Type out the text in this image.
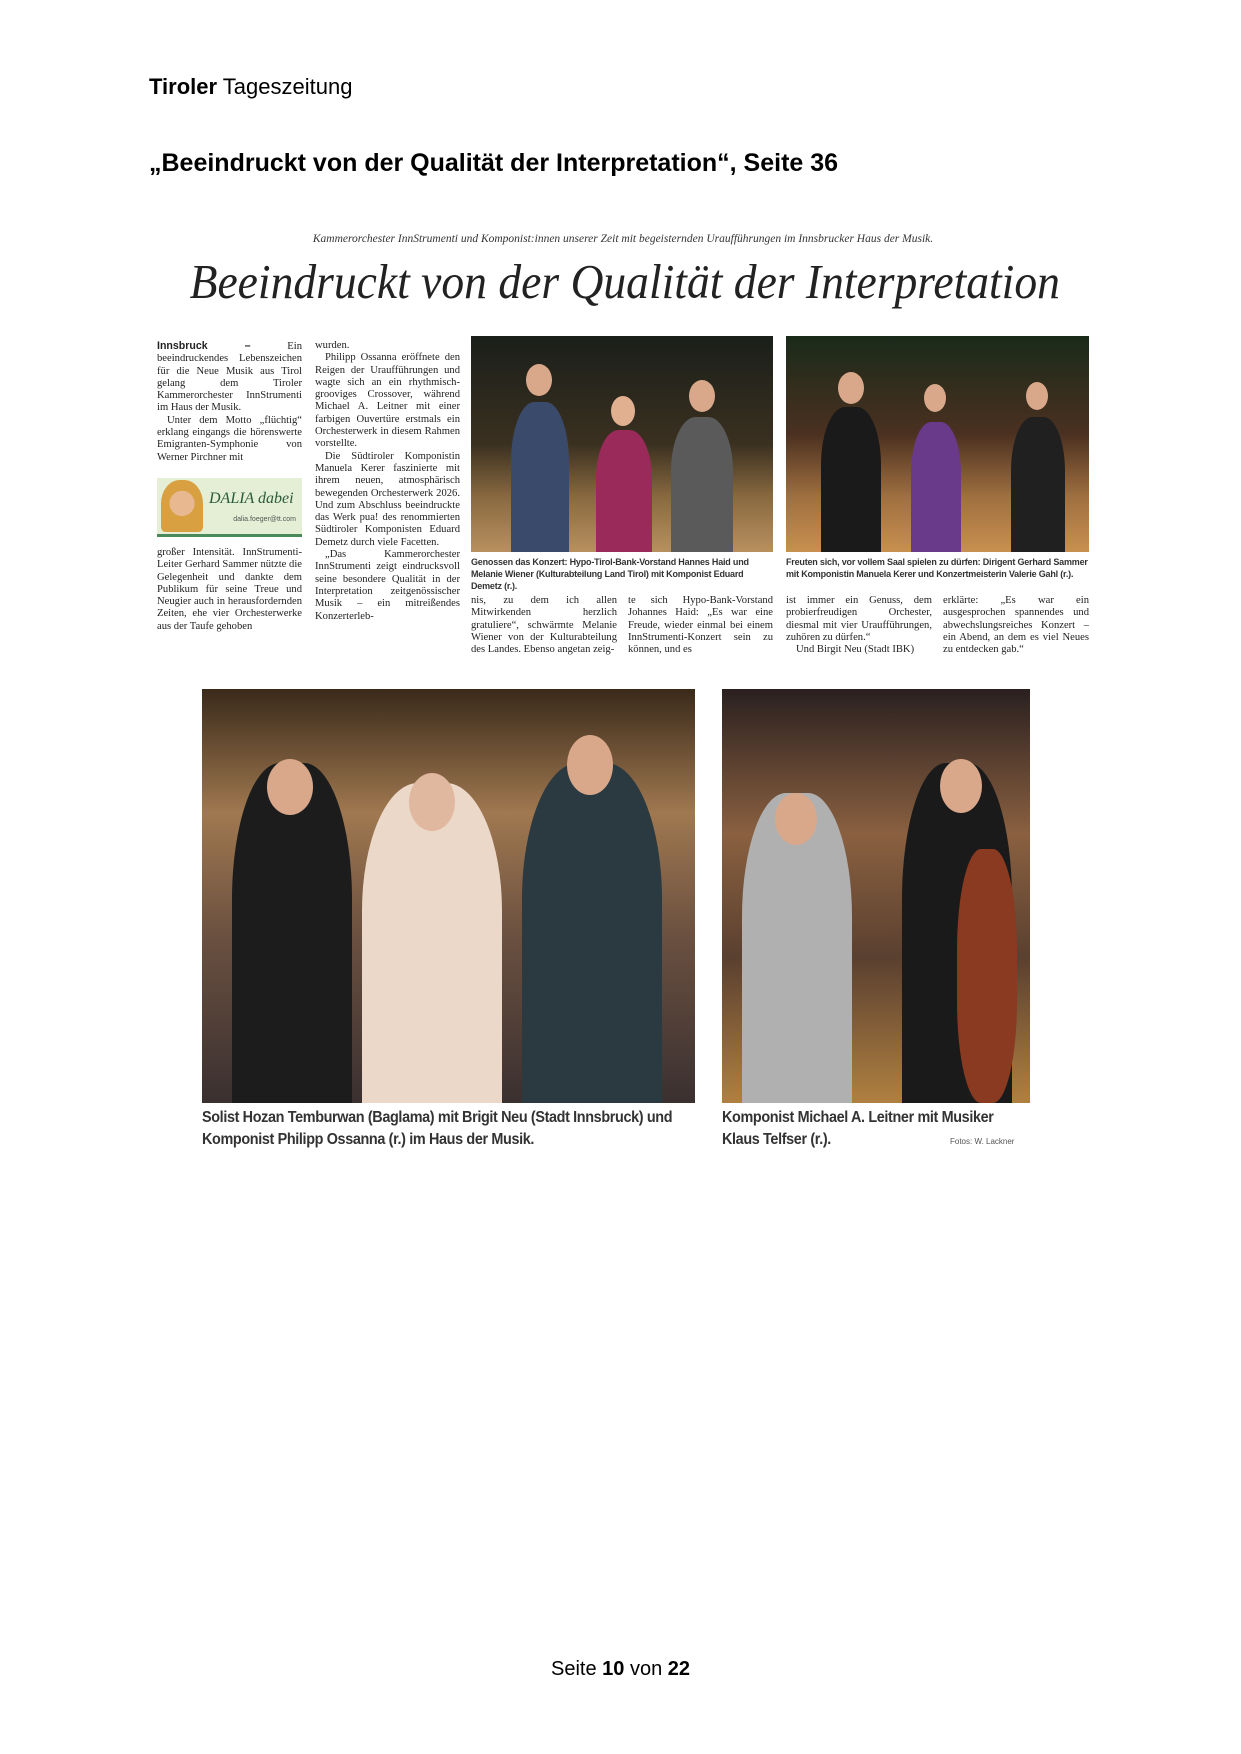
Tiroler Tageszeitung
„Beeindruckt von der Qualität der Interpretation“, Seite 36
Kammerorchester InnStrumenti und Komponist:innen unserer Zeit mit begeisternden Uraufführungen im Innsbrucker Haus der Musik.
Beeindruckt von der Qualität der Interpretation

Innsbruck – Ein beeindruckendes Lebenszeichen für die Neue Musik aus Tirol gelang dem Tiroler Kammerorchester InnStrumenti im Haus der Musik.

Unter dem Motto „flüchtig“ erklang eingangs die hörenswerte Emigranten-Symphonie von Werner Pirchner mit

DALIA dabei
dalia.foeger@tt.com

großer Intensität. InnStrumenti-Leiter Gerhard Sammer nützte die Gelegenheit und dankte dem Publikum für seine Treue und Neugier auch in herausfordernden Zeiten, ehe vier Orchesterwerke aus der Taufe gehoben

wurden.

Philipp Ossanna eröffnete den Reigen der Uraufführungen und wagte sich an ein rhythmisch-grooviges Crossover, während Michael A. Leitner mit einer farbigen Ouvertüre erstmals ein Orchesterwerk in diesem Rahmen vorstellte.

Die Südtiroler Komponistin Manuela Kerer faszinierte mit ihrem neuen, atmosphärisch bewegenden Orchesterwerk 2026. Und zum Abschluss beeindruckte das Werk pua! des renommierten Südtiroler Komponisten Eduard Demetz durch viele Facetten.

„Das Kammerorchester InnStrumenti zeigt eindrucksvoll seine besondere Qualität in der Interpretation zeitgenössischer Musik – ein mitreißendes Konzerterleb-

Genossen das Konzert: Hypo-Tirol-Bank-Vorstand Hannes Haid und Melanie Wiener (Kulturabteilung Land Tirol) mit Komponist Eduard Demetz (r.).
Freuten sich, vor vollem Saal spielen zu dürfen: Dirigent Gerhard Sammer mit Komponistin Manuela Kerer und Konzertmeisterin Valerie Gahl (r.).

nis, zu dem ich allen Mitwirkenden herzlich gratuliere“, schwärmte Melanie Wiener von der Kulturabteilung des Landes. Ebenso angetan zeig-

te sich Hypo-Bank-Vorstand Johannes Haid: „Es war eine Freude, wieder einmal bei einem InnStrumenti-Konzert sein zu können, und es

ist immer ein Genuss, dem probierfreudigen Orchester, diesmal mit vier Uraufführungen, zuhören zu dürfen.“

Und Birgit Neu (Stadt IBK)

erklärte: „Es war ein ausgesprochen spannendes und abwechslungsreiches Konzert – ein Abend, an dem es viel Neues zu entdecken gab.“

Solist Hozan Temburwan (Baglama) mit Brigit Neu (Stadt Innsbruck) und Komponist Philipp Ossanna (r.) im Haus der Musik.
Komponist Michael A. Leitner mit Musiker Klaus Telfser (r.).	Fotos: W. Lackner
Seite 10 von 22
